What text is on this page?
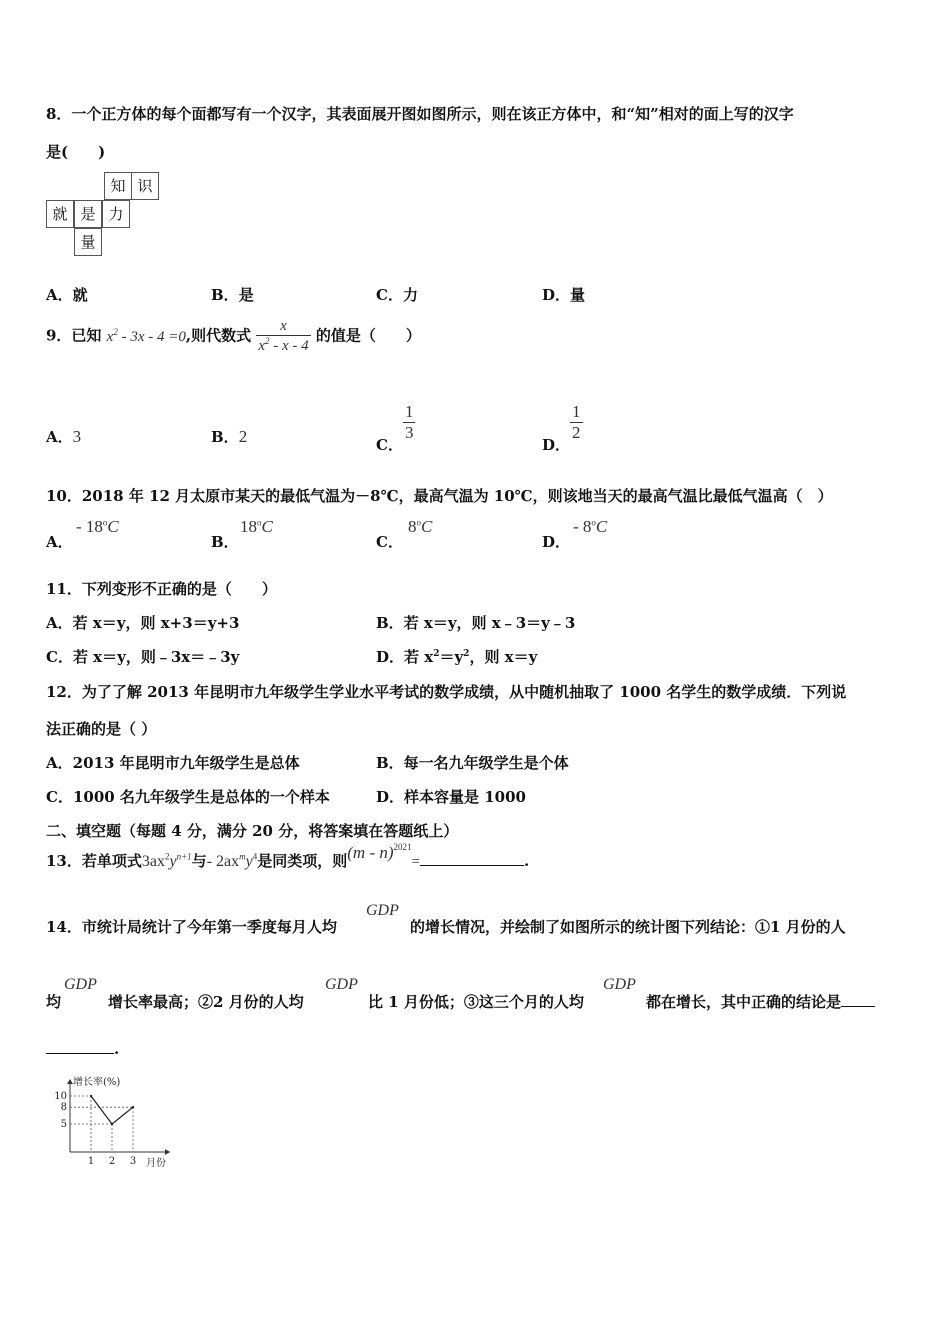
8．一个正方体的每个面都写有一个汉字，其表面展开图如图所示，则在该正方体中，和“知”相对的面上写的汉字
是(　　)
知 识
就 是 力
量
A．就	B．是	C．力	D．量
9．已知 $x^2 - 3x - 4 =0$,则代数式 $\frac{x}{x^2 - x - 4}$ 的值是（　　）
A．3	B．2	C．
$\frac{1}{3}$
D．
$\frac{1}{2}$
10．2018 年 12 月太原市某天的最低气温为－8℃，最高气温为 10℃，则该地当天的最高气温比最低气温高（　）
A．
- 18$^o$C
B．
18$^o$C
C．
8$^o$C
D．
- 8$^o$C
11．下列变形不正确的是（　　）
A．若 x＝y，则 x+3＝y+3	B．若 x＝y，则 x﹣3＝y﹣3
C．若 x＝y，则﹣3x＝﹣3y	D．若 $x^2=y^2$，则 x＝y
12．为了了解 2013 年昆明市九年级学生学业水平考试的数学成绩，从中随机抽取了 1000 名学生的数学成绩．下列说
法正确的是（ ）
A．2013 年昆明市九年级学生是总体	B．每一名九年级学生是个体
C．1000 名九年级学生是总体的一个样本	D．样本容量是 1000
二、填空题（每题 4 分，满分 20 分，将答案填在答题纸上）
13．若单项式$3ax^2y^{n+1}$与- $2ax^my^4$是同类项，则(m - n)$^{2021}$=	.
14．市统计局统计了今年第一季度每月人均
GDP
的增长情况，并绘制了如图所示的统计图下列结论：①1 月份的人
均
GDP
增长率最高；②2 月份的人均
GDP
比 1 月份低；③这三个月的人均
GDP
都在增长，其中正确的结论是
.
增长率(%)
月份
10
8
5
1 2 3
